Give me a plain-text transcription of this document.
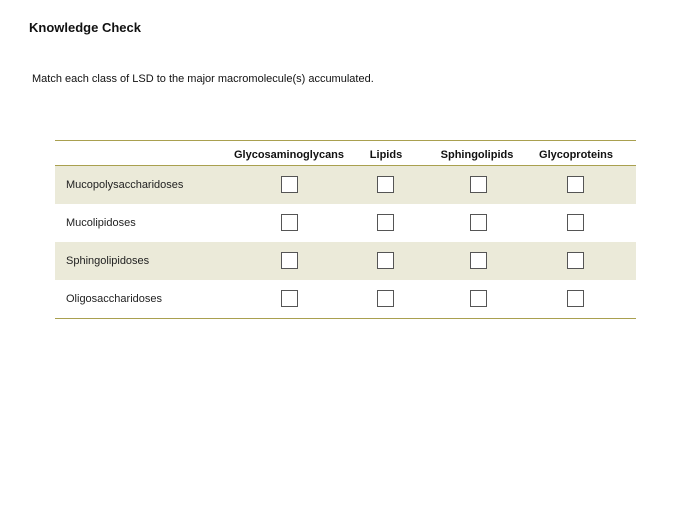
Knowledge Check
Match each class of LSD to the major macromolecule(s) accumulated.
Glycosaminoglycans Lipids	Sphingolipids Glycoproteins
Mucopolysaccharidoses
Mucolipidoses
Sphingolipidoses
Oligosaccharidoses
